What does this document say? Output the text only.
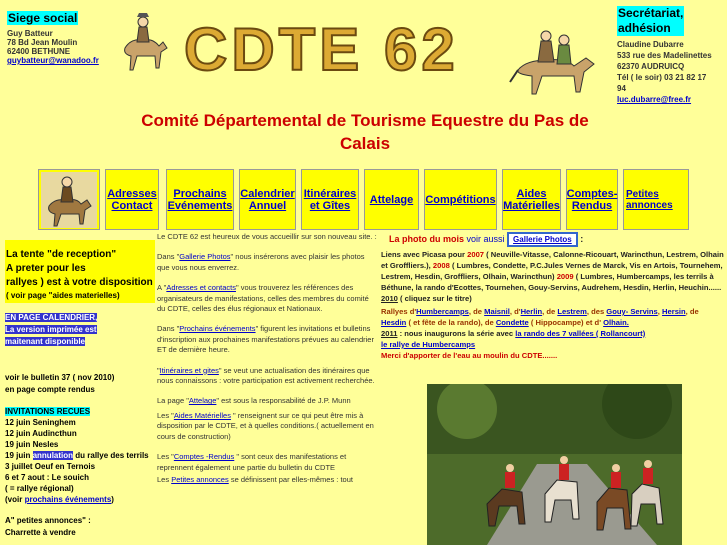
Siege social
Guy Batteur
78 Bd Jean Moulin
62400 BETHUNE
guybatteur@wanadoo.fr CDTE 62
Secrétariat,
adhésion
Claudine Dubarre
533 rue des Madelinettes
62370 AUDRUICQ
Tél ( le soir) 03 21 82 17
94
luc.dubarre@free.fr
Comité Départemental de Tourisme Equestre du Pas de
Calais
Adresses
Contact
Prochains
Evénements
Calendrier
Annuel
Itinéraires
et Gîtes	Attelage Compétitions	Aides
Matérielles
Comptes-
Rendus
Petites
annonces
La tente "de reception"
A preter pour les
rallyes ) est à votre disposition
( voir page "aides materielles)
EN PAGE CALENDRIER,
La version imprimée est
maitenant disponible
voir le bulletin 37 ( nov 2010)
en page compte rendus
INVITATIONS RECUES
12 juin Seninghem
12 juin Audincthun
19 juin Nesles
19 juin annulation du rallye des terrils
3 juillet Oeuf en Ternois
6 et 7 aout : Le souich
( = rallye régional)
(voir prochains événements)
A" petites annonces" :
Charrette à vendre

Le CDTE 62 est heureux de vous accueillir sur son nouveau site. :

Dans "Gallerie Photos" nous insérerons avec plaisir les photos que vous nous enverrez.

A "Adresses et contacts" vous trouverez les références des organisateurs de manifestations, celles des membres du comité du CDTE, celles des élus régionaux et Nationaux.

Dans "Prochains événements" figurent les invitations et bulletins d'inscription aux prochaines manifestations prévues au calendrier ET de dernière heure.

"Itinéraires et gites" se veut une actualisation des itinéraires que nous connaissons : votre participation est activement recherchée.

La page "Attelage" est sous la responsabilité de J.P. Munn

Les "Aides Matérielles " renseignent sur ce qui peut être mis à disposition par le CDTE, et à quelles conditions.( actuellement en cours de construction)

Les "Comptes -Rendus " sont ceux des manifestations et reprennent également une partie du bulletin du CDTE

Les Petites annonces se définissent par elles-mêmes : tout

La photo du mois voir aussi Gallerie Photos :
Liens avec Picasa pour 2007 ( Neuville-Vitasse, Calonne-Ricouart, Warincthun, Lestrem, Olhain et Groffliers.), 2008 ( Lumbres, Condette, P.C.Jules Vernes de Marck, Vis en Artois, Tournehem, Lestrem, Hesdin, Groffliers, Olhain, Warincthun) 2009 ( Lumbres, Humbercamps, les terrils à Béthune, la rando d'Ecottes, Tournehen, Gouy-Servins, Audrehem, Hesdin, Herlin, Heuchin......
2010 ( cliquez sur le titre)
Rallyes d'Humbercamps, de Maisnil, d'Herlin, de Lestrem, des Gouy- Servins, Hersin, de Hesdin ( et fête de la rando), de Condette ( Hippocampe) et d' Olhain.
2011 : nous inaugurons la série avec la rando des 7 vallées ( Rollancourt)
le rallye de Humbercamps
Merci d'apporter de l'eau au moulin du CDTE.......
